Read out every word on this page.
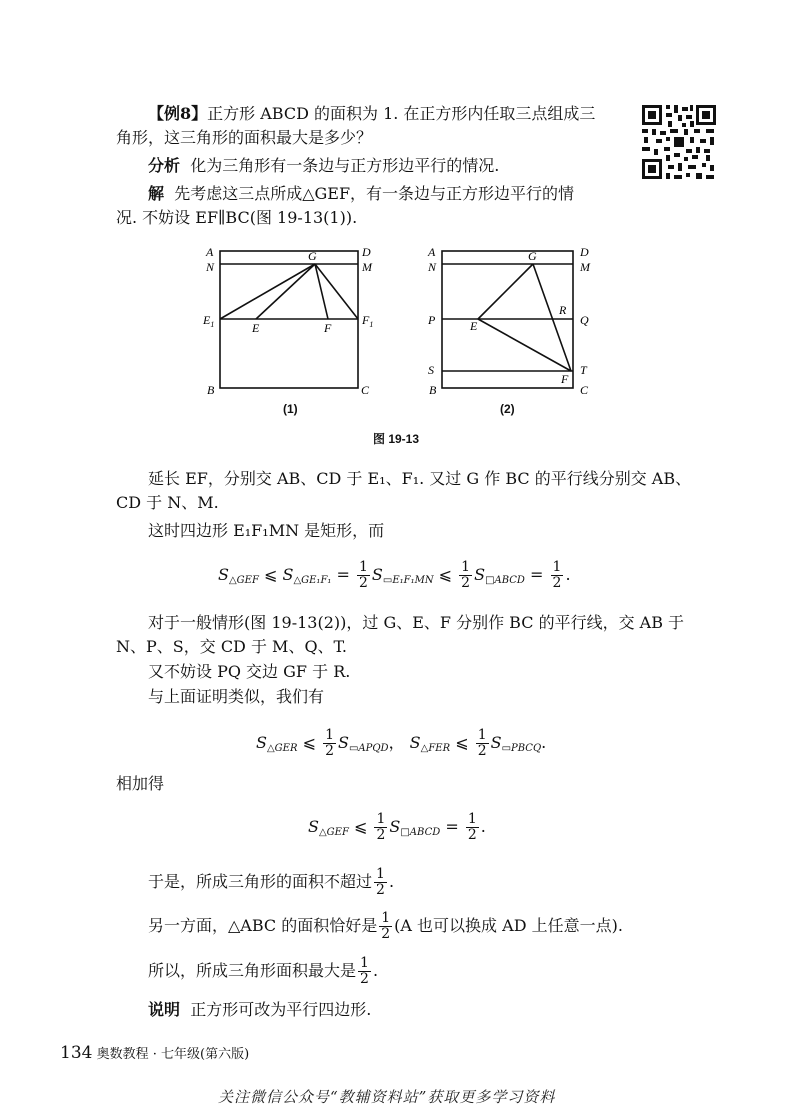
【例8】正方形 ABCD 的面积为 1. 在正方形内任取三点组成三
角形，这三角形的面积最大是多少？
分析 化为三角形有一条边与正方形边平行的情况.
解 先考虑这三点所成△GEF，有一条边与正方形边平行的情
况. 不妨设 EF∥BC(图 19-13(1)).
A	D
N	M
G
$E_1$	E	F
$F_1$
B	C
(1)
A	D
N	M
G
R
P	E	Q
S	T
F
B	C
(2)
图 19-13
延长 EF，分别交 AB、CD 于 E₁、F₁. 又过 G 作 BC 的平行线分别交 AB、
CD 于 N、M.
这时四边形 E₁F₁MN 是矩形，而
$S_{\triangle GEF}$ ⩽ $S_{\triangle GE_1F_1} = \frac{1}{2} S_{▭E_1F_1MN}$ ⩽ $\frac{1}{2} S_{□ABCD} = \frac{1}{2}$ .
对于一般情形(图 19-13(2))，过 G、E、F 分别作 BC 的平行线，交 AB 于
N、P、S，交 CD 于 M、Q、T.
又不妨设 PQ 交边 GF 于 R.
与上面证明类似，我们有
$S_{\triangle GER}$ ⩽ $\frac{1}{2} S_{▭APQD}$， $S_{\triangle FER}$ ⩽ $\frac{1}{2} S_{▭PBCQ}$.
相加得
$S_{\triangle GEF}$ ⩽ $\frac{1}{2} S_{□ABCD} = \frac{1}{2}$ .
于是，所成三角形的面积不超过 $\frac{1}{2}$ .
另一方面，△ABC 的面积恰好是 $\frac{1}{2} (A$ 也可以换成 AD 上任意一点).
所以，所成三角形面积最大是 $\frac{1}{2}$ .
说明 正方形可改为平行四边形.
134 奥数教程 · 七年级(第六版)
关注微信公众号“教辅资料站”获取更多学习资料
